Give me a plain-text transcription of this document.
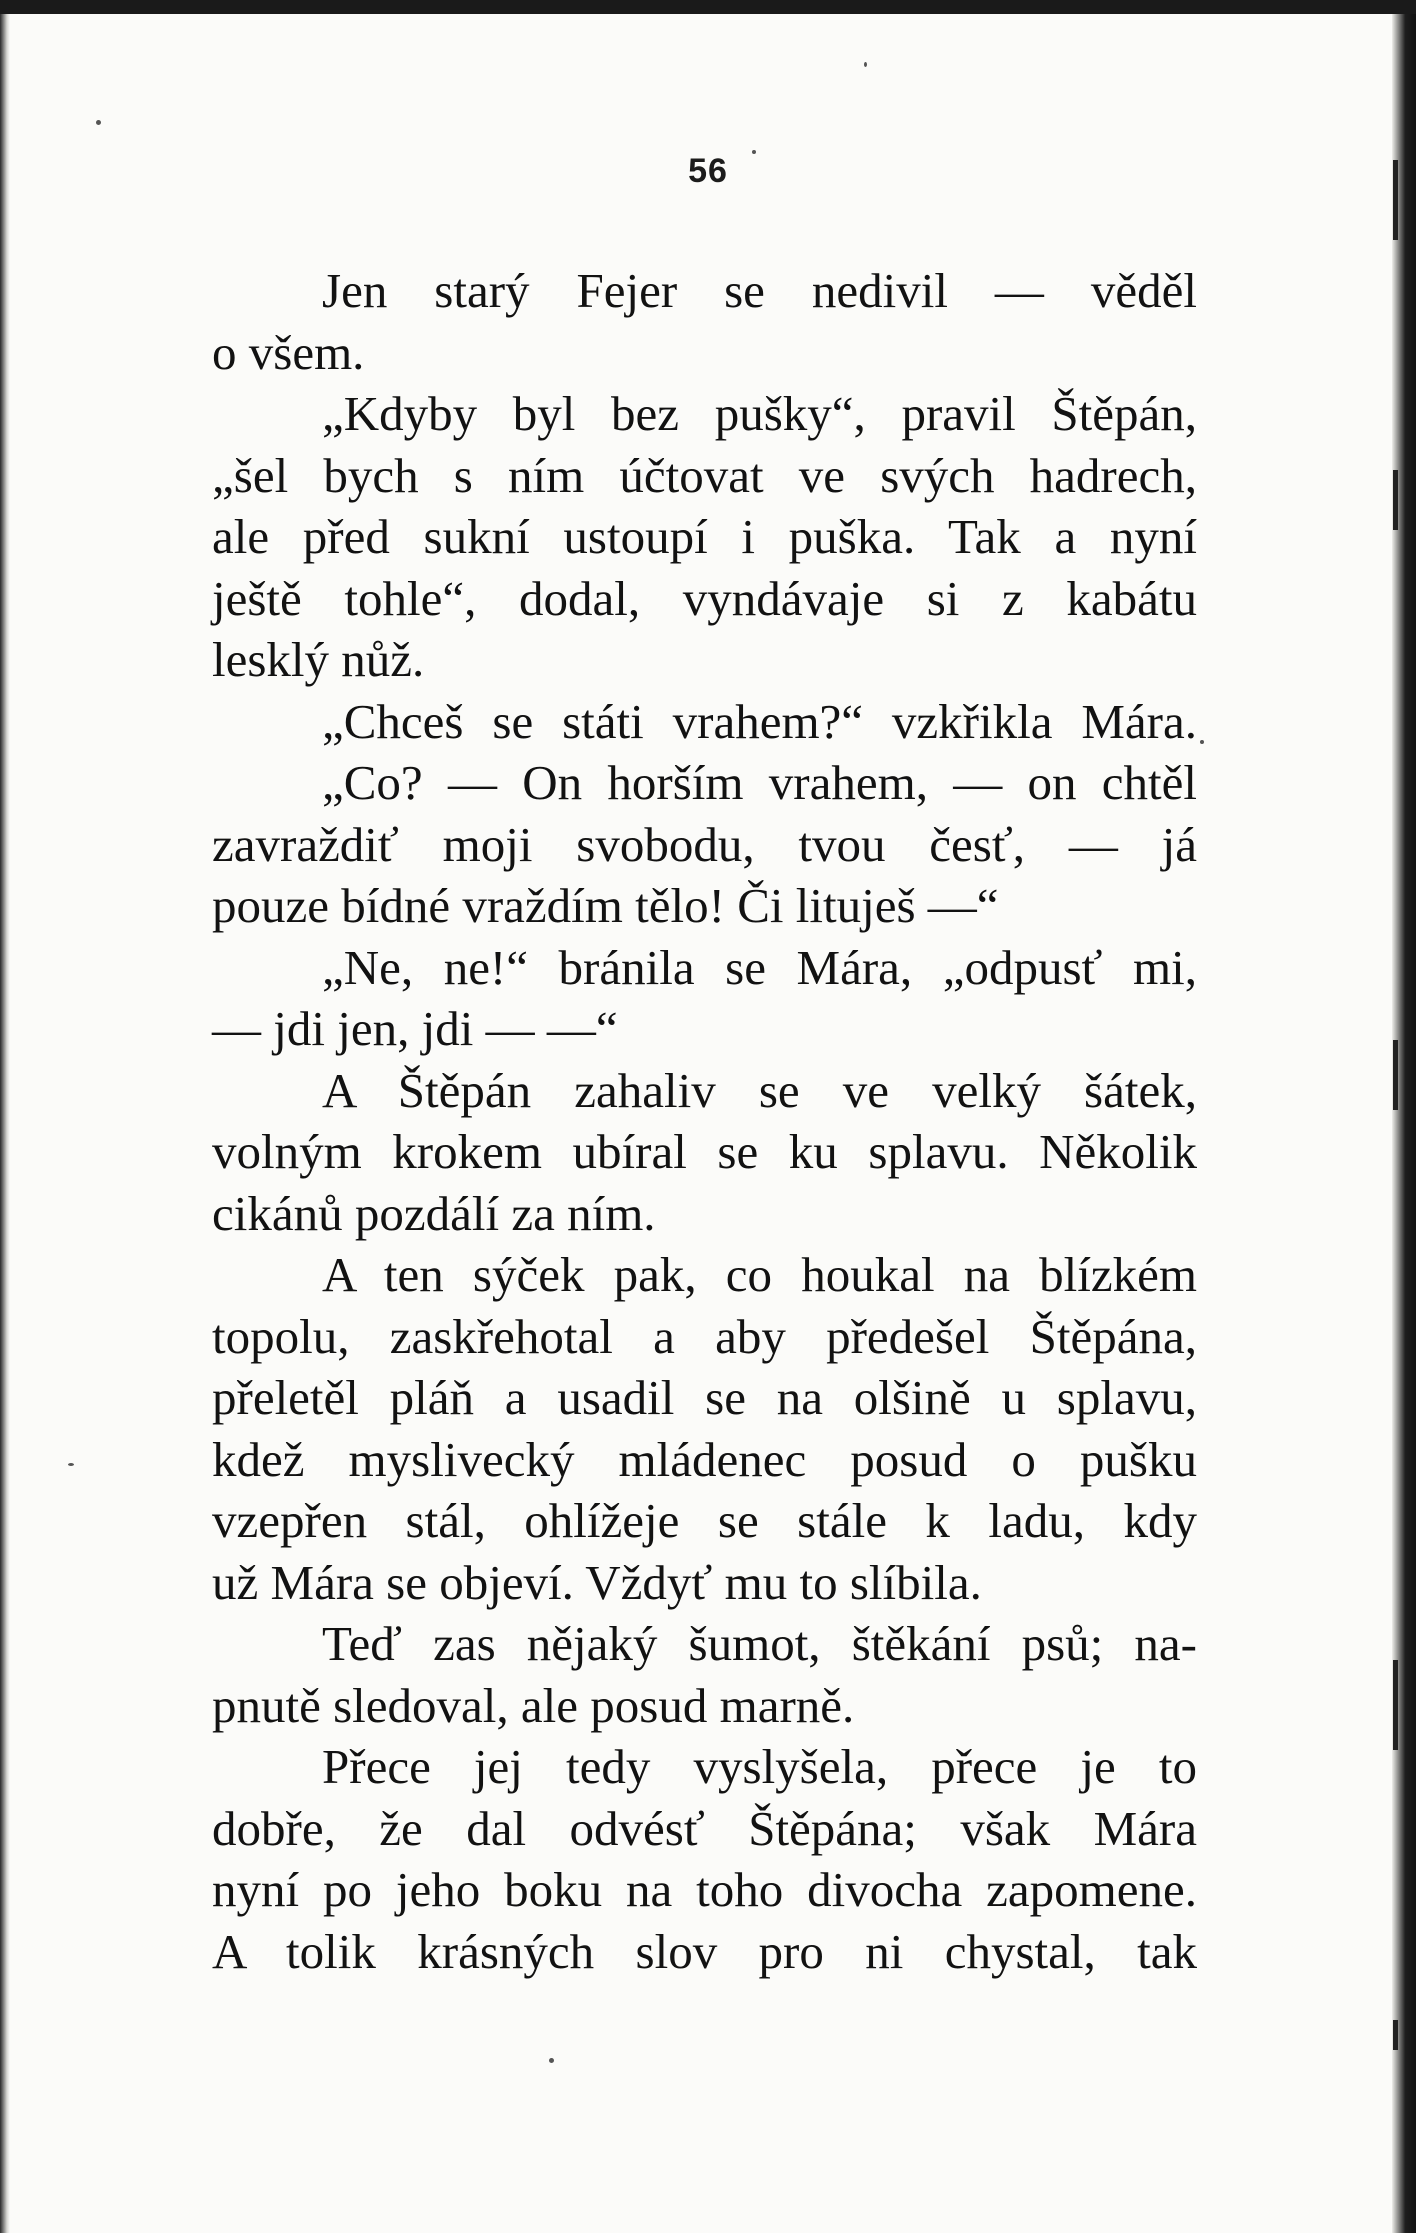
56
Jen starý Fejer se nedivil — věděl
o všem.
„Kdyby byl bez pušky“, pravil Štěpán,
„šel bych s ním účtovat ve svých hadrech,
ale před sukní ustoupí i puška. Tak a nyní
ještě tohle“, dodal, vyndávaje si z kabátu
lesklý nůž.
„Chceš se státi vrahem?“ vzkřikla Mára.
„Co? — On horším vrahem, — on chtěl
zavraždiť moji svobodu, tvou česť, — já
pouze bídné vraždím tělo! Či lituješ —“
„Ne, ne!“ bránila se Mára, „odpusť mi,
— jdi jen, jdi — —“
A Štěpán zahaliv se ve velký šátek,
volným krokem ubíral se ku splavu. Několik
cikánů pozdálí za ním.
A ten sýček pak, co houkal na blízkém
topolu, zaskřehotal a aby předešel Štěpána,
přeletěl pláň a usadil se na olšině u splavu,
kdež myslivecký mládenec posud o pušku
vzepřen stál, ohlížeje se stále k ladu, kdy
už Mára se objeví. Vždyť mu to slíbila.
Teď zas nějaký šumot, štěkání psů; na-
pnutě sledoval, ale posud marně.
Přece jej tedy vyslyšela, přece je to
dobře, že dal odvésť Štěpána; však Mára
nyní po jeho boku na toho divocha zapomene.
A tolik krásných slov pro ni chystal, tak
